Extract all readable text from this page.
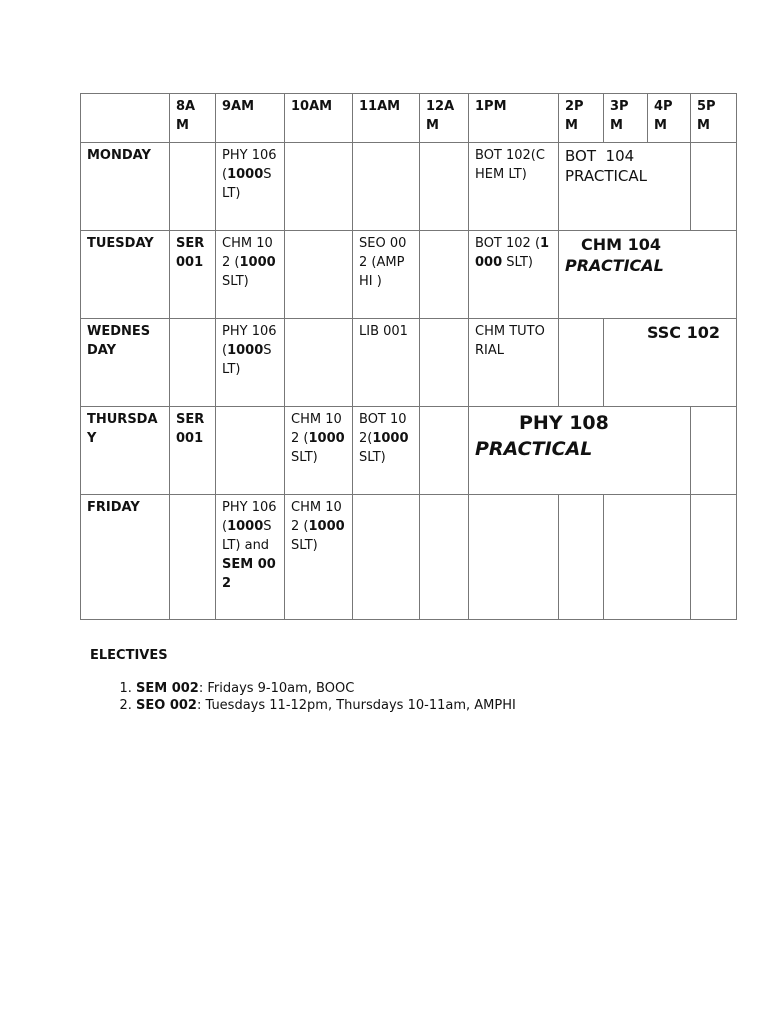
	8A M	9AM	10AM	11AM	12A M	1PM	2P M	3P M	4P M	5P M
MONDAY		PHY 106 (1000SLT)				BOT 102(CHEM LT)	BOT  104
PRACTICAL			

TUESDAY	SER 001	CHM 102 (1000SLT)		SEO 002 (AMPHI )		BOT 102 (1000 SLT)	CHM 104
PRACTICAL			

WEDNES DAY		PHY 106 (1000SLT)		LIB 001		CHM TUTORIAL		SSC 102		
THURSDA Y	SER 001		CHM 102 (1000SLT)	BOT 102(1000 SLT)		PHY 108
PRACTICAL				

FRIDAY		PHY 106 (1000SLT) and SEM 002	CHM 102 (1000SLT)							
ELECTIVES
1. SEM 002: Fridays 9-10am, BOOC
2. SEO 002: Tuesdays 11-12pm, Thursdays 10-11am, AMPHI
